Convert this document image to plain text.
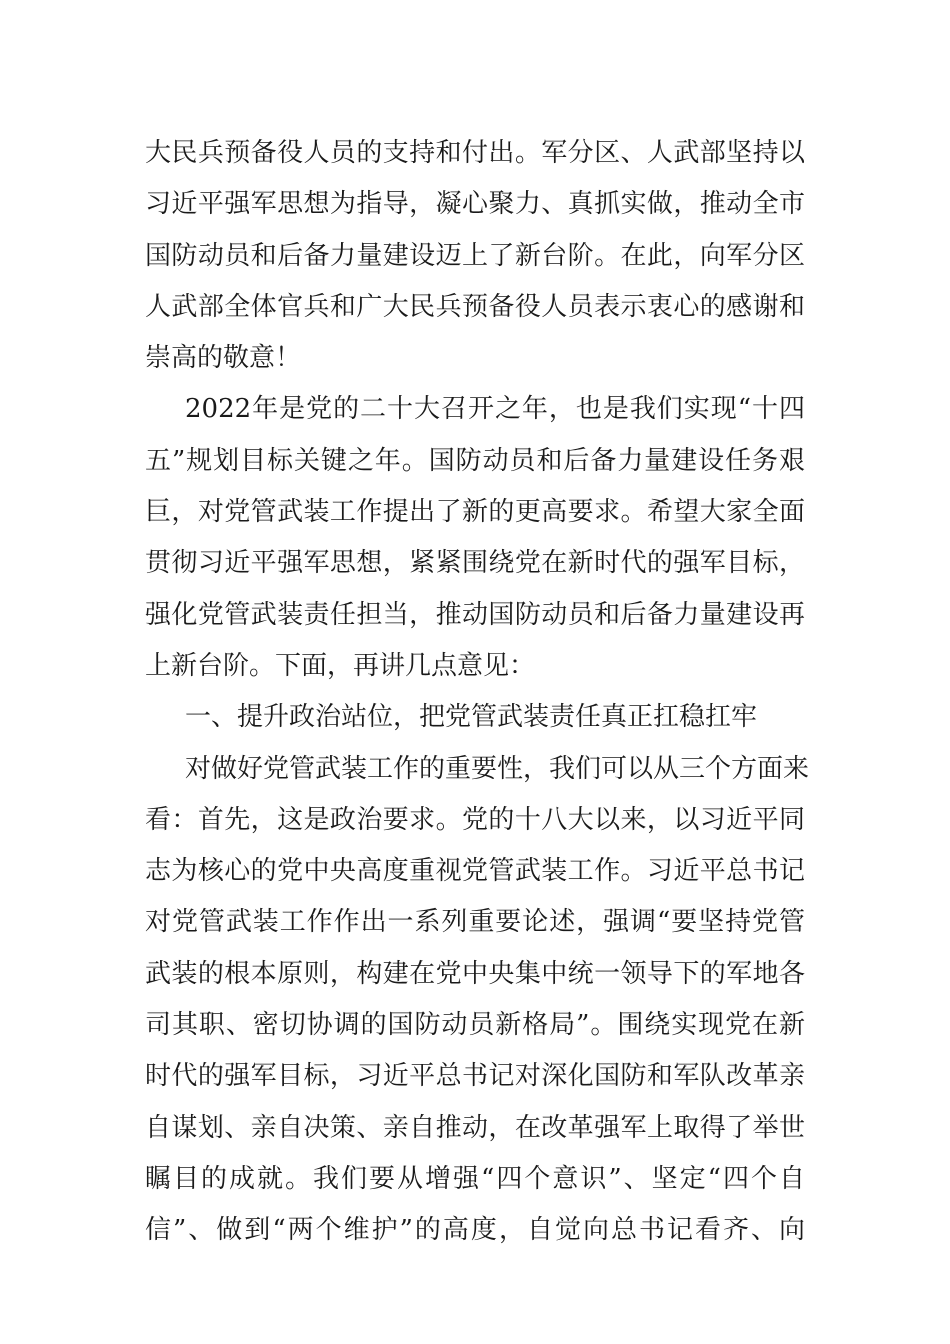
大民兵预备役人员的支持和付出。军分区、人武部坚持以
习近平强军思想为指导，凝心聚力、真抓实做，推动全市
国防动员和后备力量建设迈上了新台阶。在此，向军分区
人武部全体官兵和广大民兵预备役人员表示衷心的感谢和
崇高的敬意！
2022年是党的二十大召开之年，也是我们实现“十四
五”规划目标关键之年。国防动员和后备力量建设任务艰
巨，对党管武装工作提出了新的更高要求。希望大家全面
贯彻习近平强军思想，紧紧围绕党在新时代的强军目标，
强化党管武装责任担当，推动国防动员和后备力量建设再
上新台阶。下面，再讲几点意见：
一、提升政治站位，把党管武装责任真正扛稳扛牢
对做好党管武装工作的重要性，我们可以从三个方面来
看：首先，这是政治要求。党的十八大以来，以习近平同
志为核心的党中央高度重视党管武装工作。习近平总书记
对党管武装工作作出一系列重要论述，强调“要坚持党管
武装的根本原则，构建在党中央集中统一领导下的军地各
司其职、密切协调的国防动员新格局”。围绕实现党在新
时代的强军目标，习近平总书记对深化国防和军队改革亲
自谋划、亲自决策、亲自推动，在改革强军上取得了举世
瞩目的成就。我们要从增强“四个意识”、坚定“四个自
信”、做到“两个维护”的高度，自觉向总书记看齐、向
